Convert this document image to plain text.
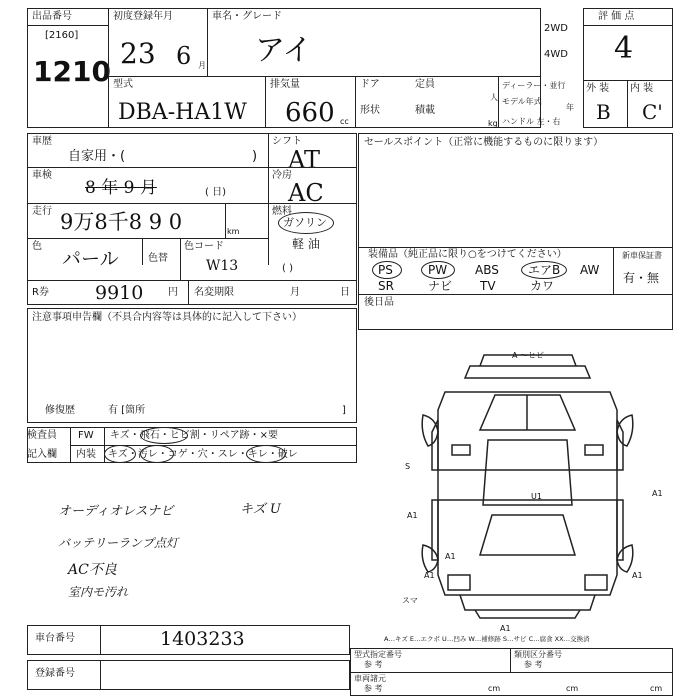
出品番号
[2160]
1210
初度登録年月	車名・グレード
23 6 月 アイ
2WD
4WD
型式
DBA-HA1W
排気量
660 cc
ドア	定員
人
形状	積載
kg
ディーラー・並行
モデル年式
年
ハンドル 左・右
評 価 点
4
外 装 内 装
B C'
車歴
自家用・(	)
シフト
AT
車検
8 年 9 月	( 日)
冷房
AC
走行 9万8千8 9 0	km
燃料
ガソリン
軽 油
( )
色
パール	色替
色コード
W13
R券 9910 円 名変期限	月	日
セールスポイント（正常に機能するものに限ります）
装備品（純正品に限り○をつけてください）	新車保証書
有・無
PS	PW ABS エアB AW
SR	ナビ TV	カワ
後日品
注意事項申告欄（不具合内容等は具体的に記入して下さい）
修復歴	有 [箇所	]
検査員 FW キズ・飛石・ヒビ割・リペア跡・×要
記入欄 内装 キズ・汚レ・コゲ・穴・スレ・キレ・破レ
オーディオレスナビ	キズ U
バッテリーランプ点灯
AC不良
室内モ汚れ
A 〜ヒビ
S
A1
A1
A1	A1
U1
A1
A1
スマ
A…キズ E…エクボ U…凹み W…補修跡 S…サビ C…腐食 XX…交換済
車台番号	1403233
登録番号
型式指定番号
参 考
類別区分番号
参 考
車両諸元
参 考	cm	cm	cm
